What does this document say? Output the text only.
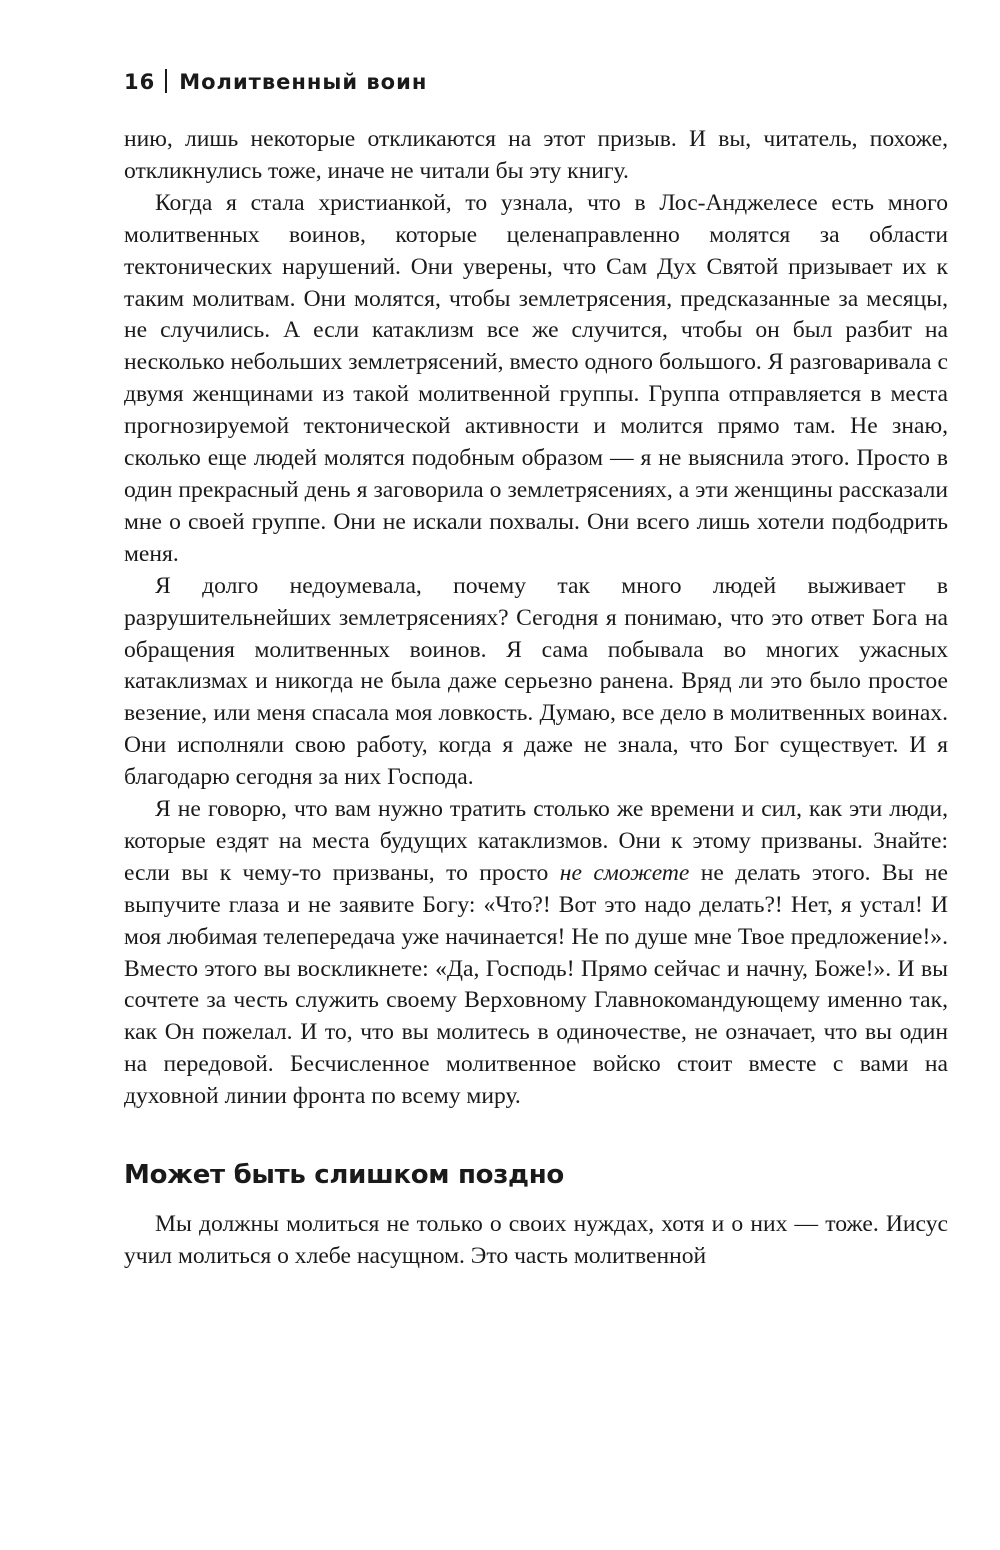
16 Молитвенный воин

нию, лишь некоторые откликаются на этот призыв. И вы, читатель, похоже, откликнулись тоже, иначе не читали бы эту книгу.

Когда я стала христианкой, то узнала, что в Лос-Анджелесе есть много молитвенных воинов, которые целенаправленно молятся за области тектонических нарушений. Они уверены, что Сам Дух Святой призывает их к таким молитвам. Они молятся, чтобы землетрясения, предсказанные за месяцы, не случились. А если катаклизм все же случится, чтобы он был разбит на несколько небольших землетрясений, вместо одного большого. Я разговаривала с двумя женщинами из такой молитвенной группы. Группа отправляется в места прогнозируемой тектонической активности и молится прямо там. Не знаю, сколько еще людей молятся подобным образом — я не выяснила этого. Просто в один прекрасный день я заговорила о землетрясениях, а эти женщины рассказали мне о своей группе. Они не искали похвалы. Они всего лишь хотели подбодрить меня.

Я долго недоумевала, почему так много людей выживает в разрушительнейших землетрясениях? Сегодня я понимаю, что это ответ Бога на обращения молитвенных воинов. Я сама побывала во многих ужасных катаклизмах и никогда не была даже серьезно ранена. Вряд ли это было простое везение, или меня спасала моя ловкость. Думаю, все дело в молитвенных воинах. Они исполняли свою работу, когда я даже не знала, что Бог существует. И я благодарю сегодня за них Господа.

Я не говорю, что вам нужно тратить столько же времени и сил, как эти люди, которые ездят на места будущих катаклизмов. Они к этому призваны. Знайте: если вы к чему-то призваны, то просто не сможете не делать этого. Вы не выпучите глаза и не заявите Богу: «Что?! Вот это надо делать?! Нет, я устал! И моя любимая телепередача уже начинается! Не по душе мне Твое предложение!». Вместо этого вы воскликнете: «Да, Господь! Прямо сейчас и начну, Боже!». И вы сочтете за честь служить своему Верховному Главнокомандующему именно так, как Он пожелал. И то, что вы молитесь в одиночестве, не означает, что вы один на передовой. Бесчисленное молитвенное войско стоит вместе с вами на духовной линии фронта по всему миру.

Может быть слишком поздно

Мы должны молиться не только о своих нуждах, хотя и о них — тоже. Иисус учил молиться о хлебе насущном. Это часть молитвенной
